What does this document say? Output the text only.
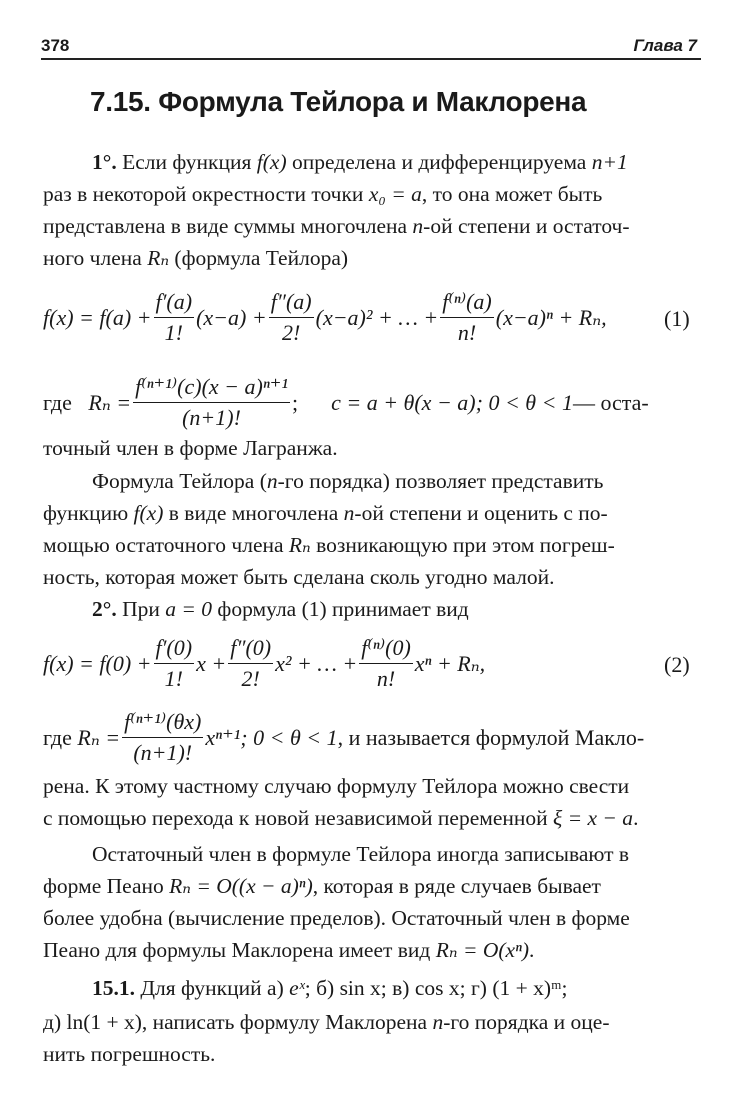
378	Глава 7
7.15. Формула Тейлора и Маклорена
1°. Если функция f(x) определена и дифференцируема n+1
раз в некоторой окрестности точки x₀ = a, то она может быть
представлена в виде суммы многочлена n-ой степени и остаточ-
ного члена Rₙ (формула Тейлора)
$f(x) = f(a) + \frac{f'(a)}{1!} (x-a) + \frac{f''(a)}{2!} (x-a)^2$ + … + $\frac{\text{f⁽ⁿ⁾(a)}}{n!} (x-a)^n + R_n$,	(1)
где
$R_n = \frac{\text{f⁽ⁿ⁺¹⁾(c)(x − a)ⁿ⁺¹}}{(n+1)!}$ ;
c = a + θ(x − a);
0 < θ < 1 — оста-
точный член в форме Лагранжа.
Формула Тейлора (n-го порядка) позволяет представить
функцию f(x) в виде многочлена n-ой степени и оценить с по-
мощью остаточного члена Rₙ возникающую при этом погреш-
ность, которая может быть сделана сколь угодно малой.
2°. При a = 0 формула (1) принимает вид
$f(x) = f(0) + \frac{f'(0)}{1!}$ $x + \frac{f''(0)}{2!} x^2$ + … + $\frac{\text{f⁽ⁿ⁾(0)}}{n!}$ xⁿ + Rₙ,	(2)
где
$R_n = \frac{\text{f⁽ⁿ⁺¹⁾(θx)}}{(n+1)!} x^{n+1}$ ; 0 < θ < 1 , и называется формулой Макло-
рена. К этому частному случаю формулу Тейлора можно свести
с помощью перехода к новой независимой переменной ξ = x − a.
Остаточный член в формуле Тейлора иногда записывают в
форме Пеано Rₙ = O((x − a)ⁿ), которая в ряде случаев бывает
более удобна (вычисление пределов). Остаточный член в форме
Пеано для формулы Маклорена имеет вид Rₙ = O(xⁿ).
15.1. Для функций а) eˣ; б) sin x; в) cos x; г) (1 + x)ᵐ;
д) ln(1 + x), написать формулу Маклорена n-го порядка и оце-
нить погрешность.
